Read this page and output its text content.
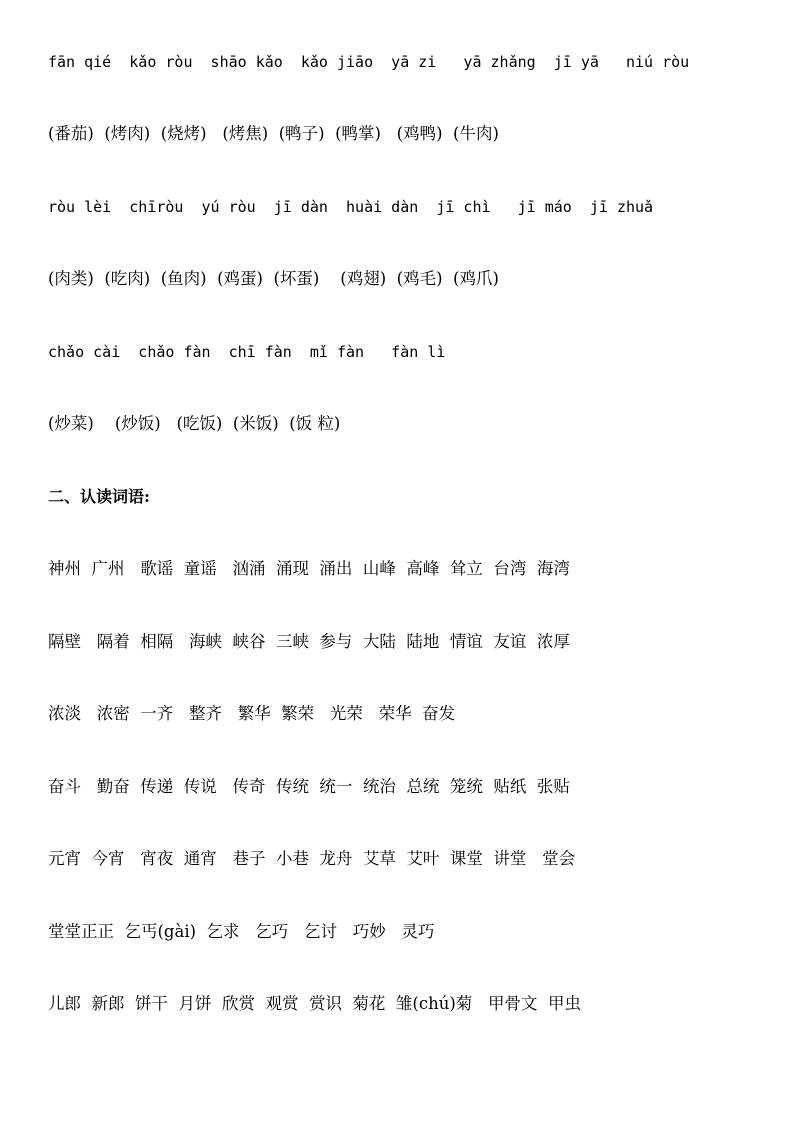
fān qié  kǎo ròu  shāo kǎo  kǎo jiāo  yā zi   yā zhǎng  jī yā   niú ròu
(番茄)  (烤肉)  (烧烤)   (烤焦)  (鸭子)  (鸭掌)   (鸡鸭)  (牛肉)
ròu lèi  chīròu  yú ròu  jī dàn  huài dàn  jī chì   jī máo  jī zhuǎ
(肉类)  (吃肉)  (鱼肉)  (鸡蛋)  (坏蛋)    (鸡翅)  (鸡毛)  (鸡爪)
chǎo cài  chǎo fàn  chī fàn  mǐ fàn   fàn lì
(炒菜)    (炒饭)   (吃饭)  (米饭)  (饭 粒)
二、认读词语:
神州  广州   歌谣  童谣   汹涌  涌现  涌出  山峰  高峰  耸立  台湾  海湾
隔壁   隔着  相隔   海峡  峡谷  三峡  参与  大陆  陆地  情谊  友谊  浓厚
浓淡   浓密  一齐   整齐   繁华  繁荣   光荣   荣华  奋发
奋斗   勤奋  传递  传说   传奇  传统  统一  统治  总统  笼统  贴纸  张贴
元宵  今宵   宵夜  通宵   巷子  小巷  龙舟  艾草  艾叶  课堂  讲堂   堂会
堂堂正正  乞丐(gài)  乞求   乞巧   乞讨   巧妙   灵巧
儿郎  新郎  饼干  月饼  欣赏  观赏  赏识  菊花  雏(chú)菊   甲骨文  甲虫
